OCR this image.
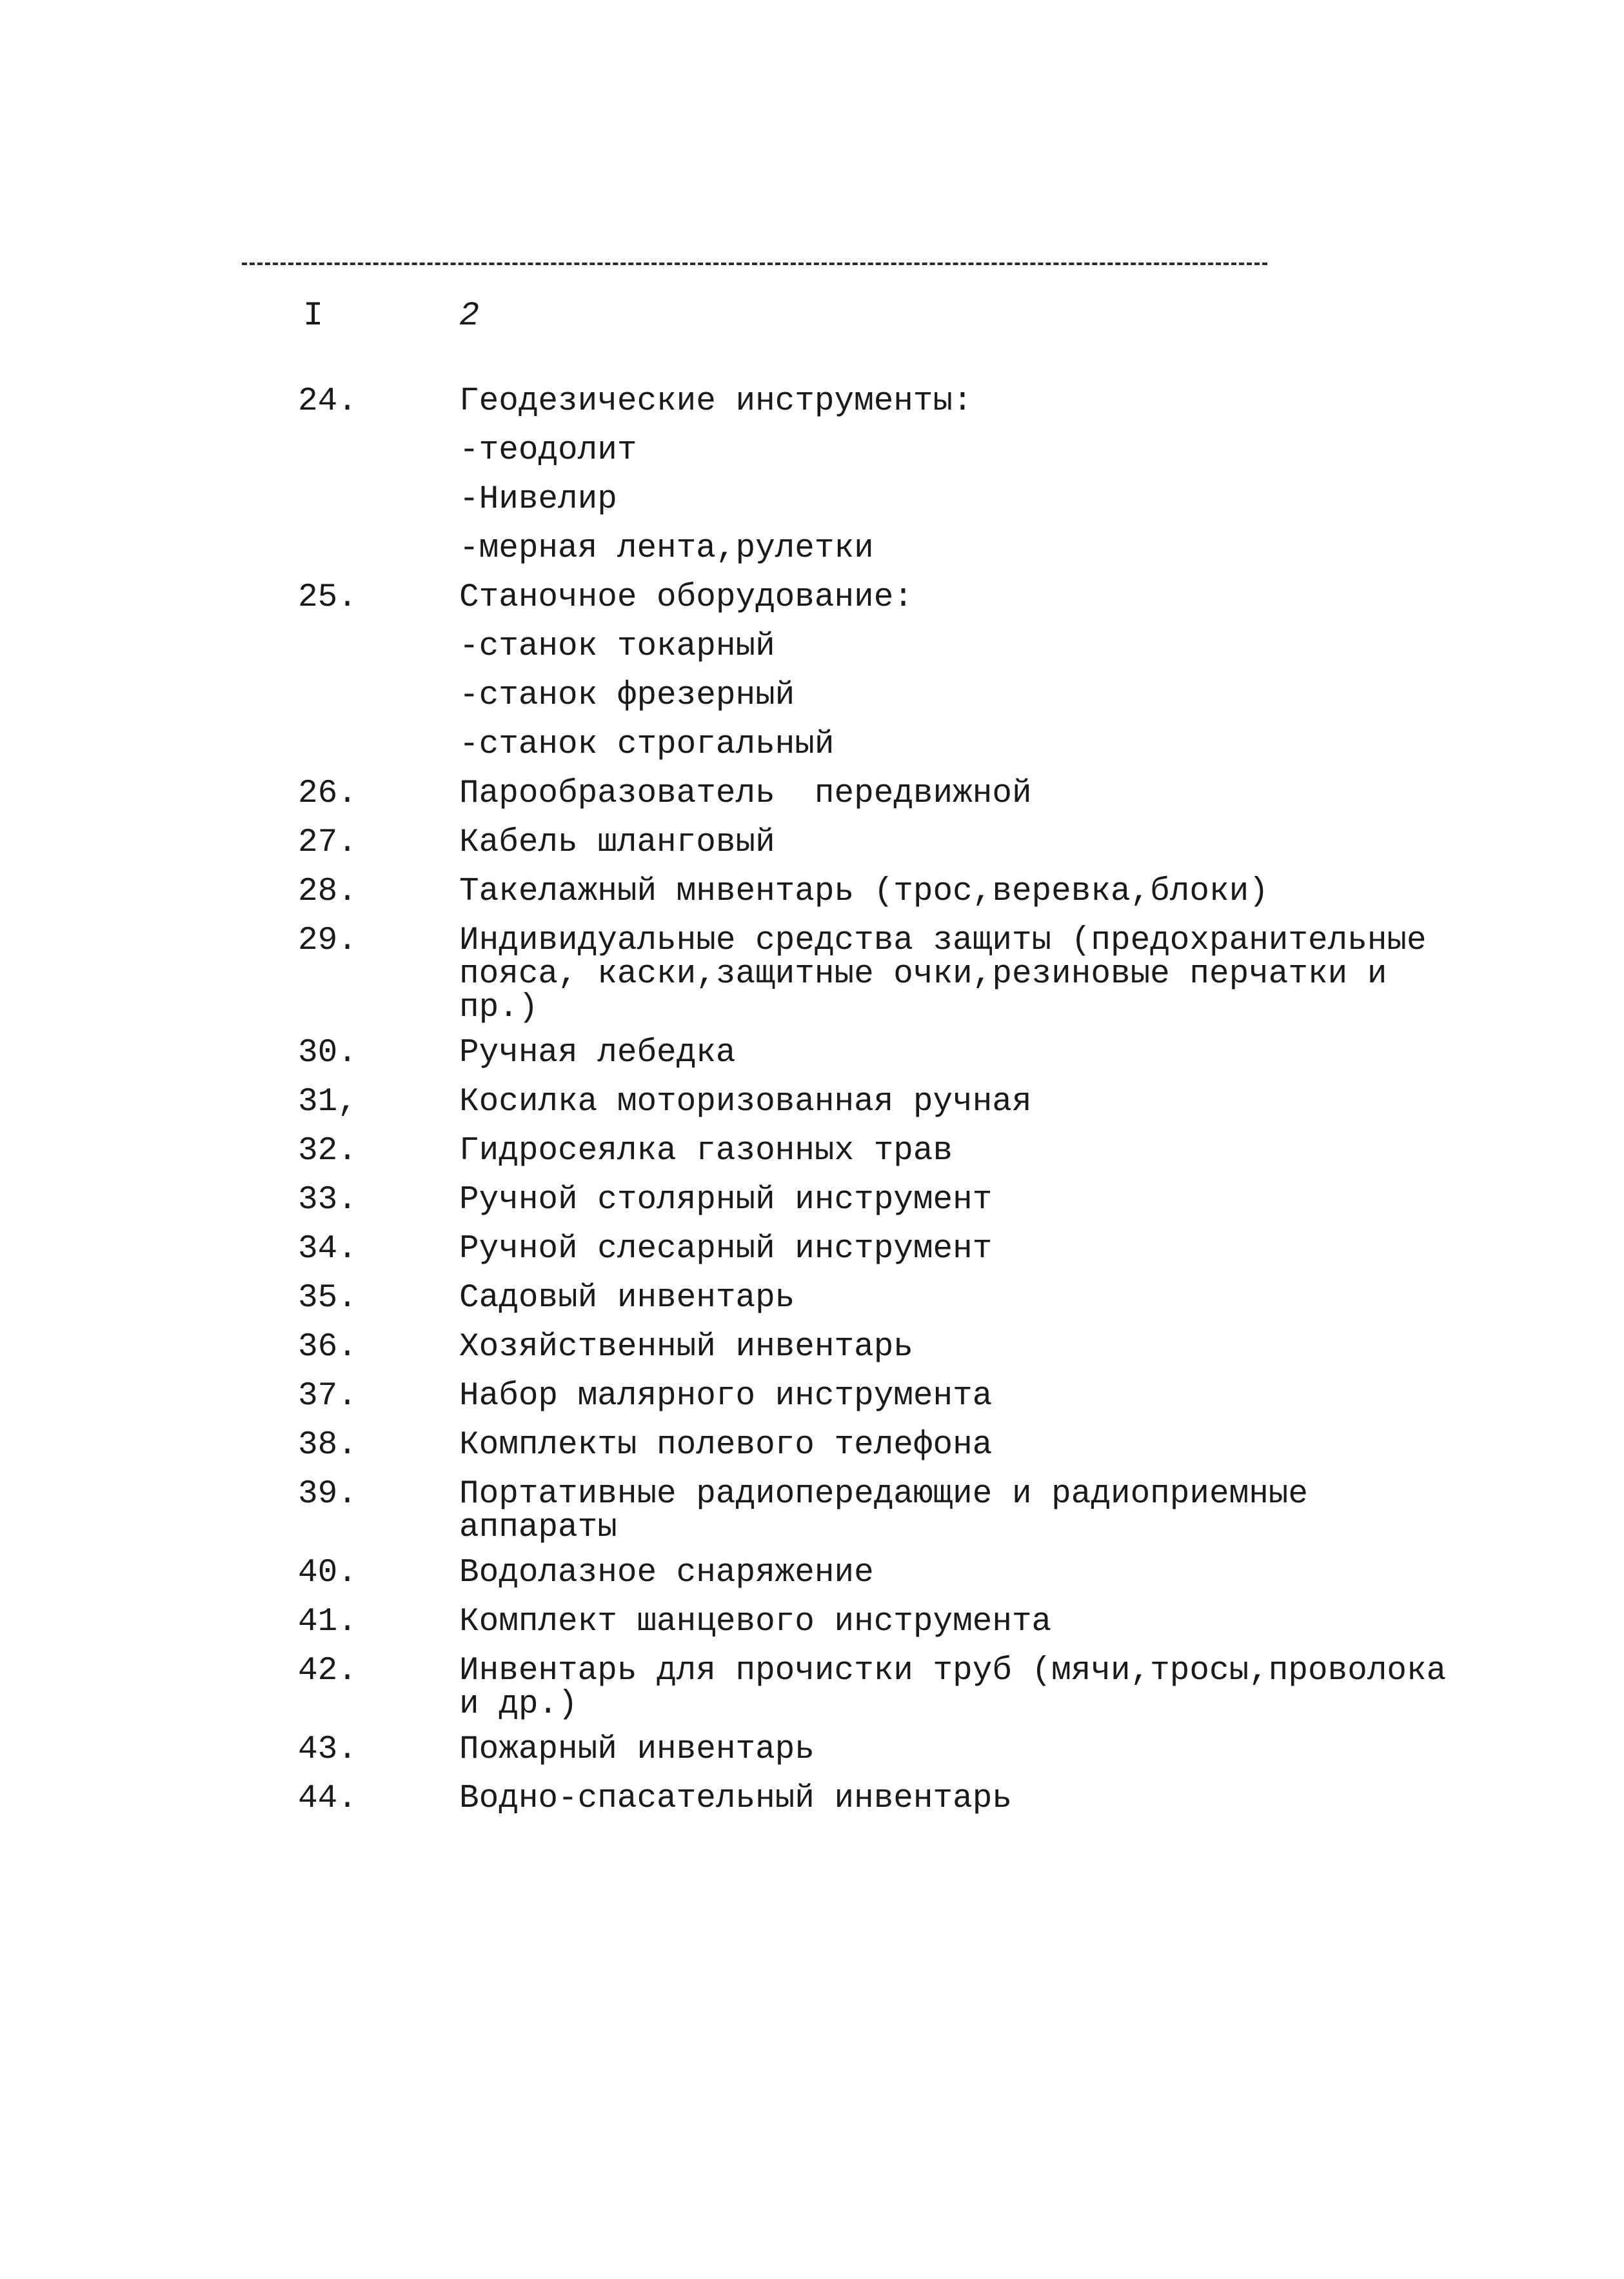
I	2
24.	Геодезические инструменты:
-теодолит
-Нивелир
-мерная лента,рулетки
25.	Станочное оборудование:
-станок токарный
-станок фрезерный
-станок строгальный
26.	Парообразователь  передвижной
27.	Кабель шланговый
28.	Такелажный мнвентарь (трос,веревка,блоки)
29.	Индивидуальные средства защиты (предохранительные пояса, каски,защитные очки,резиновые перчатки и пр.)
30.	Ручная лебедка
31,	Косилка моторизованная ручная
32.	Гидросеялка газонных трав
33.	Ручной столярный инструмент
34.	Ручной слесарный инструмент
35.	Садовый инвентарь
36.	Хозяйственный инвентарь
37.	Набор малярного инструмента
38.	Комплекты полевого телефона
39.	Портативные радиопередающие и радиоприемные аппараты
40.	Водолазное снаряжение
41.	Комплект шанцевого инструмента
42.	Инвентарь для прочистки труб (мячи,тросы,проволока и др.)
43.	Пожарный инвентарь
44.	Водно-спасательный инвентарь
